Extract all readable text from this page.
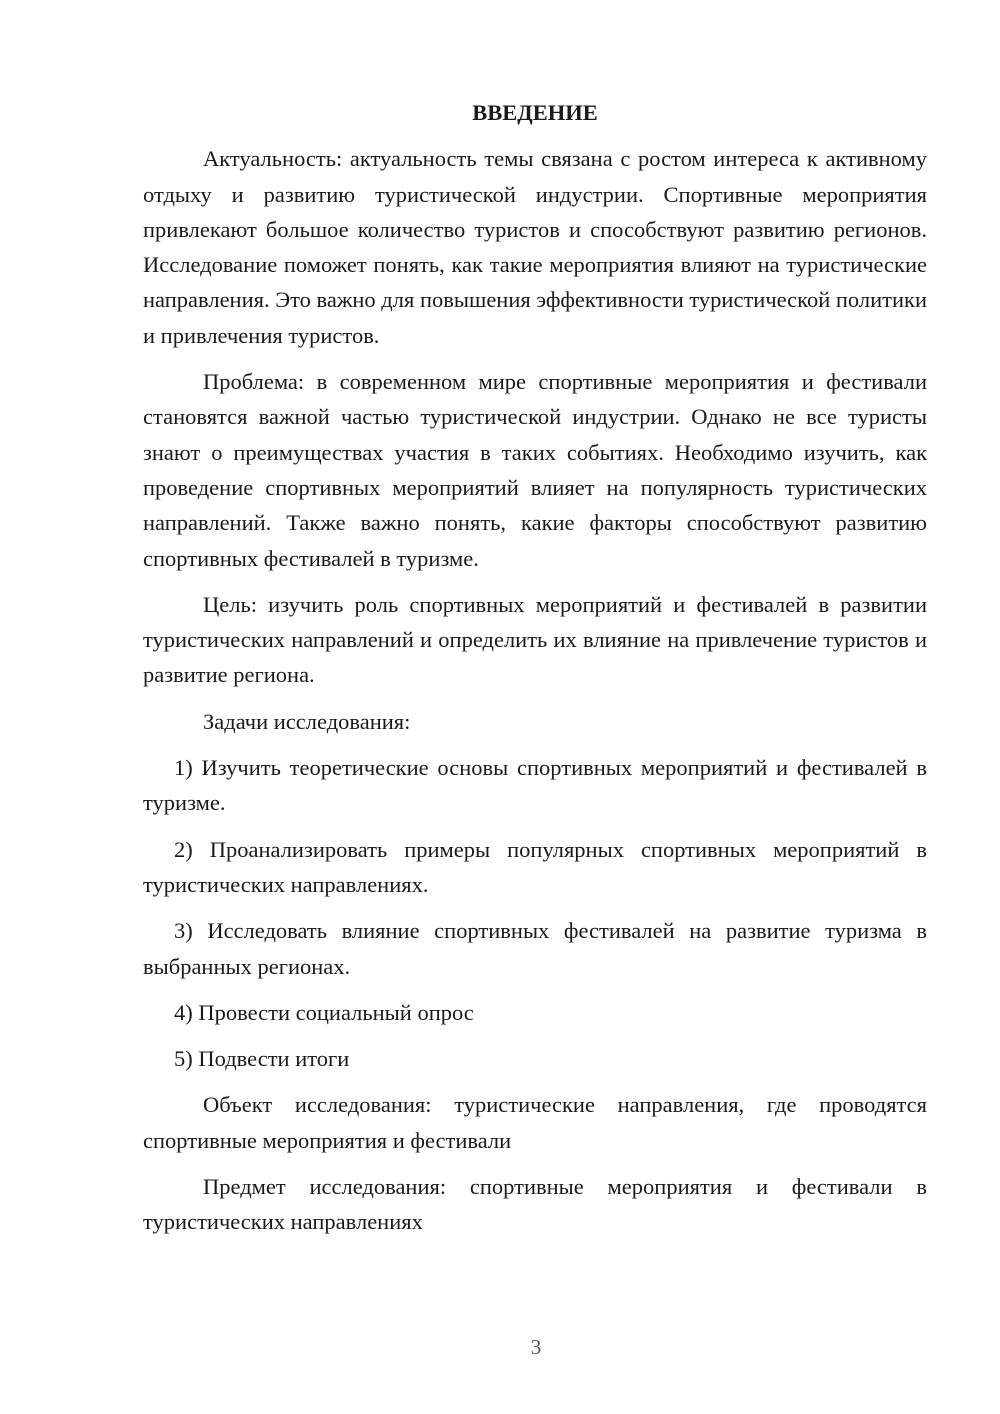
ВВЕДЕНИЕ

Актуальность: актуальность темы связана с ростом интереса к активному отдыху и развитию туристической индустрии. Спортивные мероприятия привлекают большое количество туристов и способствуют развитию регионов. Исследование поможет понять, как такие мероприятия влияют на туристические направления. Это важно для повышения эффективности туристической политики и привлечения туристов.

Проблема: в современном мире спортивные мероприятия и фестивали становятся важной частью туристической индустрии. Однако не все туристы знают о преимуществах участия в таких событиях. Необходимо изучить, как проведение спортивных мероприятий влияет на популярность туристических направлений. Также важно понять, какие факторы способствуют развитию спортивных фестивалей в туризме.

Цель: изучить роль спортивных мероприятий и фестивалей в развитии туристических направлений и определить их влияние на привлечение туристов и развитие региона.

Задачи исследования:

1) Изучить теоретические основы спортивных мероприятий и фестивалей в туризме.

2) Проанализировать примеры популярных спортивных мероприятий в туристических направлениях.

3) Исследовать влияние спортивных фестивалей на развитие туризма в выбранных регионах.

4) Провести социальный опрос

5) Подвести итоги

Объект исследования: туристические направления, где проводятся спортивные мероприятия и фестивали

Предмет исследования: спортивные мероприятия и фестивали в туристических направлениях

3
